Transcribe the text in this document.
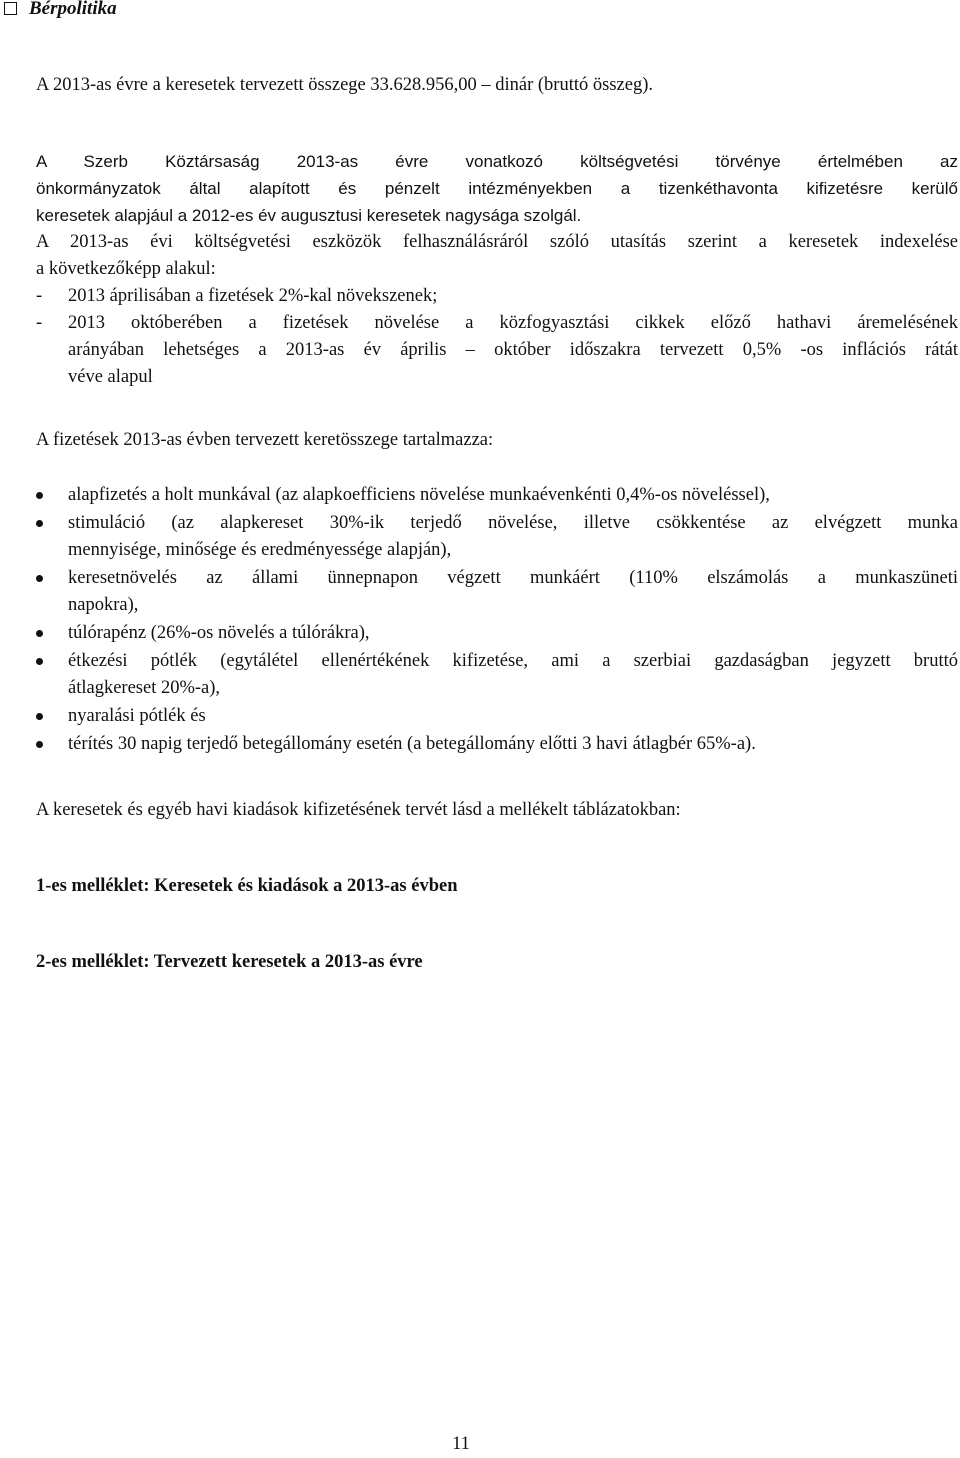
Bérpolitika
A 2013-as évre a keresetek tervezett összege 33.628.956,00 – dinár (bruttó összeg).
A Szerb Köztársaság 2013-as évre vonatkozó költségvetési törvénye értelmében az
önkormányzatok által alapított és pénzelt intézményekben a tizenkéthavonta kifizetésre kerülő
keresetek alapjául a 2012-es év augusztusi keresetek nagysága szolgál.
A 2013-as évi költségvetési eszközök felhasználásráról szóló utasítás szerint a keresetek indexelése
a következőképp alakul:
- 2013 áprilisában a fizetések 2%-kal növekszenek;
- 2013 októberében a fizetések növelése a közfogyasztási cikkek előző hathavi áremelésének
arányában lehetséges a 2013-as év április – október időszakra tervezett 0,5% -os inflációs rátát
véve alapul
A fizetések 2013-as évben tervezett keretösszege tartalmazza:
alapfizetés a holt munkával (az alapkoefficiens növelése munkaévenkénti 0,4%-os növeléssel),
stimuláció (az alapkereset 30%-ik terjedő növelése, illetve csökkentése az elvégzett munka
mennyisége, minősége és eredményessége alapján),
keresetnövelés az állami ünnepnapon végzett munkáért (110% elszámolás a munkaszüneti
napokra),
túlórapénz (26%-os növelés a túlórákra),
étkezési pótlék (egytálétel ellenértékének kifizetése, ami a szerbiai gazdaságban jegyzett bruttó
átlagkereset 20%-a),
nyaralási pótlék és
térítés 30 napig terjedő betegállomány esetén (a betegállomány előtti 3 havi átlagbér 65%-a).
A keresetek és egyéb havi kiadások kifizetésének tervét lásd a mellékelt táblázatokban:
1-es melléklet: Keresetek és kiadások a 2013-as évben
2-es melléklet: Tervezett keresetek a 2013-as évre
11
